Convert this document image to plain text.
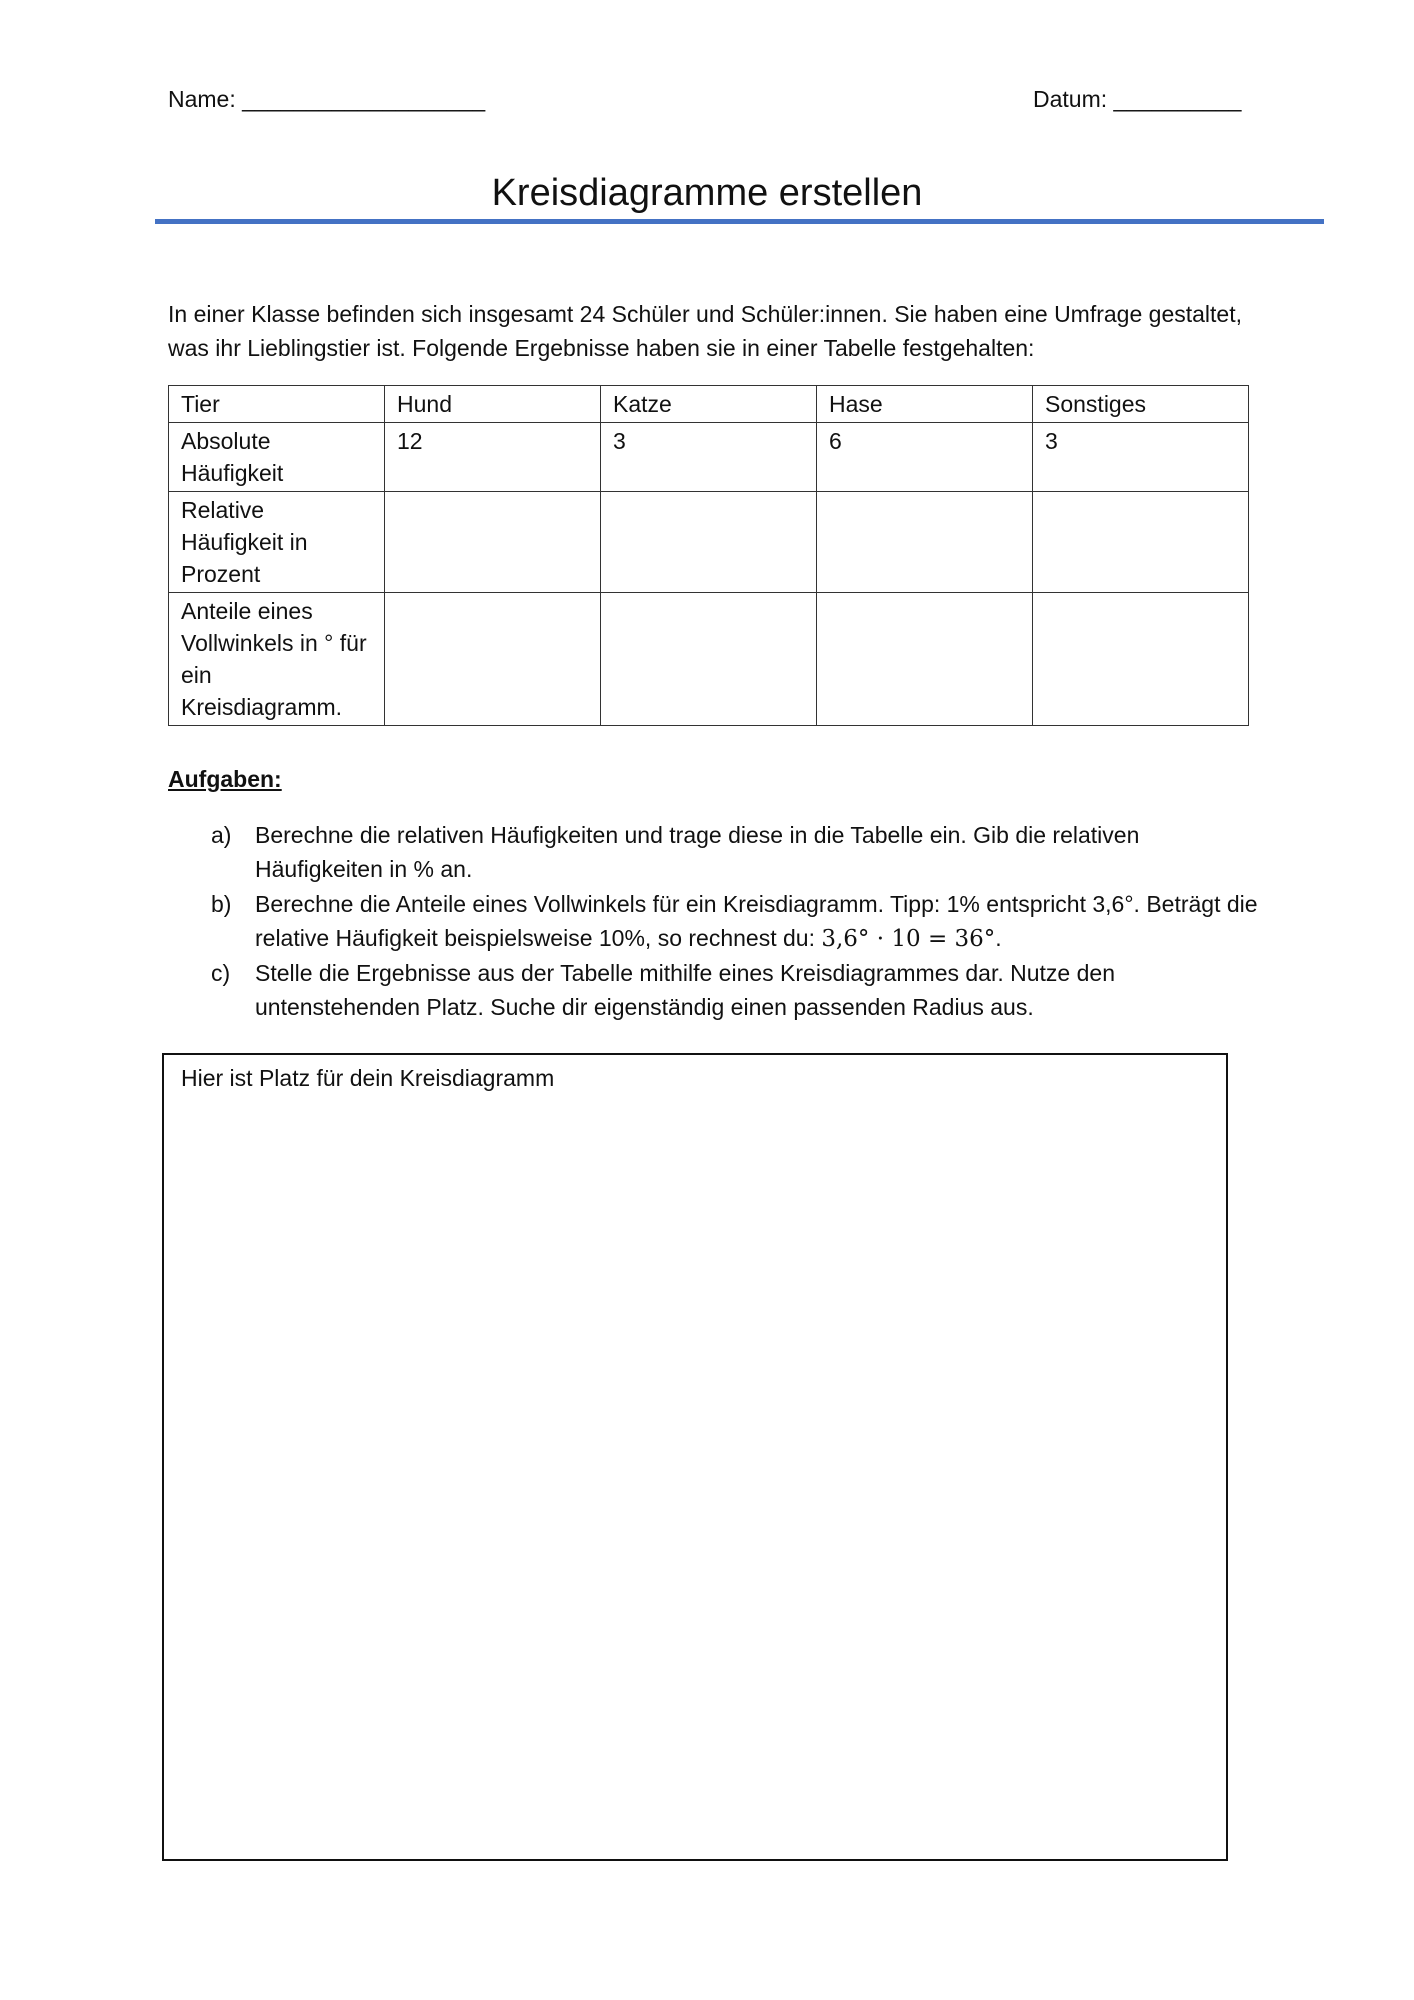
Name: ___________________	Datum: __________
Kreisdiagramme erstellen
In einer Klasse befinden sich insgesamt 24 Schüler und Schüler:innen. Sie haben eine Umfrage gestaltet, was ihr Lieblingstier ist. Folgende Ergebnisse haben sie in einer Tabelle festgehalten:
Tier	Hund	Katze	Hase	Sonstiges
Absolute Häufigkeit	12	3	6	3
Relative Häufigkeit in Prozent				
Anteile eines Vollwinkels in ° für ein Kreisdiagramm.				
Aufgaben:
a) Berechne die relativen Häufigkeiten und trage diese in die Tabelle ein. Gib die relativen Häufigkeiten in % an.
b) Berechne die Anteile eines Vollwinkels für ein Kreisdiagramm. Tipp: 1% entspricht 3,6°. Beträgt die relative Häufigkeit beispielsweise 10%, so rechnest du: 3,6° · 10 = 36°.
c) Stelle die Ergebnisse aus der Tabelle mithilfe eines Kreisdiagrammes dar. Nutze den untenstehenden Platz. Suche dir eigenständig einen passenden Radius aus.
Hier ist Platz für dein Kreisdiagramm
